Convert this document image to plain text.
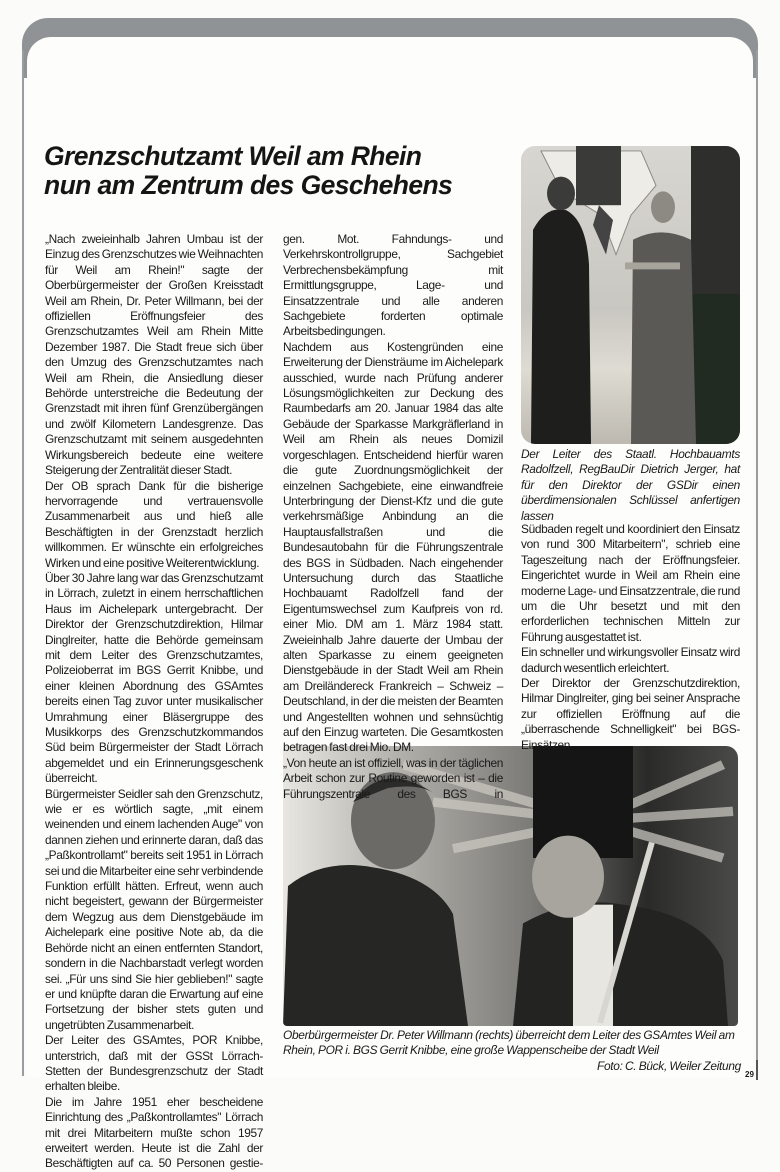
Grenzschutzamt Weil am Rhein
nun am Zentrum des Geschehens

„Nach zweieinhalb Jahren Umbau ist der Einzug des Grenzschutzes wie Weihnachten für Weil am Rhein!" sagte der Oberbürgermeister der Großen Kreisstadt Weil am Rhein, Dr. Peter Willmann, bei der offiziellen Eröffnungsfeier des Grenzschutzamtes Weil am Rhein Mitte Dezember 1987. Die Stadt freue sich über den Umzug des Grenzschutzamtes nach Weil am Rhein, die Ansiedlung dieser Behörde unterstreiche die Bedeutung der Grenzstadt mit ihren fünf Grenzübergängen und zwölf Kilometern Landesgrenze. Das Grenzschutzamt mit seinem ausgedehnten Wirkungsbereich bedeute eine weitere Steigerung der Zentralität dieser Stadt.

Der OB sprach Dank für die bisherige hervorragende und vertrauensvolle Zusammenarbeit aus und hieß alle Beschäftigten in der Grenzstadt herzlich willkommen. Er wünschte ein erfolgreiches Wirken und eine positive Weiterentwicklung.

Über 30 Jahre lang war das Grenzschutzamt in Lörrach, zuletzt in einem herrschaftlichen Haus im Aichelepark untergebracht. Der Direktor der Grenzschutzdirektion, Hilmar Dinglreiter, hatte die Behörde gemeinsam mit dem Leiter des Grenzschutzamtes, Polizeioberrat im BGS Gerrit Knibbe, und einer kleinen Abordnung des GSAmtes bereits einen Tag zuvor unter musikalischer Umrahmung einer Bläsergruppe des Musikkorps des Grenzschutzkommandos Süd beim Bürgermeister der Stadt Lörrach abgemeldet und ein Erinnerungsgeschenk überreicht.

Bürgermeister Seidler sah den Grenzschutz, wie er es wörtlich sagte, „mit einem weinenden und einem lachenden Auge" von dannen ziehen und erinnerte daran, daß das „Paßkontrollamt" bereits seit 1951 in Lörrach sei und die Mitarbeiter eine sehr verbindende Funktion erfüllt hätten. Erfreut, wenn auch nicht begeistert, gewann der Bürgermeister dem Wegzug aus dem Dienstgebäude im Aichelepark eine positive Note ab, da die Behörde nicht an einen entfernten Standort, sondern in die Nachbarstadt verlegt worden sei. „Für uns sind Sie hier geblieben!" sagte er und knüpfte daran die Erwartung auf eine Fortsetzung der bisher stets guten und ungetrübten Zusammenarbeit.

Der Leiter des GSAmtes, POR Knibbe, unterstrich, daß mit der GSSt Lörrach-Stetten der Bundesgrenzschutz der Stadt erhalten bleibe.

Die im Jahre 1951 eher bescheidene Einrichtung des „Paßkontrollamtes" Lörrach mit drei Mitarbeitern mußte schon 1957 erweitert werden. Heute ist die Zahl der Beschäftigten auf ca. 50 Personen gestie-

gen. Mot. Fahndungs- und Verkehrskontrollgruppe, Sachgebiet Verbrechensbekämpfung mit Ermittlungsgruppe, Lage- und Einsatzzentrale und alle anderen Sachgebiete forderten optimale Arbeitsbedingungen.

Nachdem aus Kostengründen eine Erweiterung der Diensträume im Aichelepark ausschied, wurde nach Prüfung anderer Lösungsmöglichkeiten zur Deckung des Raumbedarfs am 20. Januar 1984 das alte Gebäude der Sparkasse Markgräflerland in Weil am Rhein als neues Domizil vorgeschlagen. Entscheidend hierfür waren die gute Zuordnungsmöglichkeit der einzelnen Sachgebiete, eine einwandfreie Unterbringung der Dienst-Kfz und die gute verkehrsmäßige Anbindung an die Hauptausfallstraßen und die Bundesautobahn für die Führungszentrale des BGS in Südbaden. Nach eingehender Untersuchung durch das Staatliche Hochbauamt Radolfzell fand der Eigentumswechsel zum Kaufpreis von rd. einer Mio. DM am 1. März 1984 statt. Zweieinhalb Jahre dauerte der Umbau der alten Sparkasse zu einem geeigneten Dienstgebäude in der Stadt Weil am Rhein am Dreiländereck Frankreich – Schweiz – Deutschland, in der die meisten der Beamten und Angestellten wohnen und sehnsüchtig auf den Einzug warteten. Die Gesamtkosten betragen fast drei Mio. DM.

„Von heute an ist offiziell, was in der täglichen Arbeit schon zur Routine geworden ist – die Führungszentrale des BGS in

Der Leiter des Staatl. Hochbauamts Radolfzell, RegBauDir Dietrich Jerger, hat für den Direktor der GSDir einen überdimensionalen Schlüssel anfertigen lassen

Südbaden regelt und koordiniert den Einsatz von rund 300 Mitarbeitern", schrieb eine Tageszeitung nach der Eröffnungsfeier. Eingerichtet wurde in Weil am Rhein eine moderne Lage- und Einsatzzentrale, die rund um die Uhr besetzt und mit den erforderlichen technischen Mitteln zur Führung ausgestattet ist.

Ein schneller und wirkungsvoller Einsatz wird dadurch wesentlich erleichtert.

Der Direktor der Grenzschutzdirektion, Hilmar Dinglreiter, ging bei seiner Ansprache zur offiziellen Eröffnung auf die „überraschende Schnelligkeit" bei BGS-Einsätzen

Oberbürgermeister Dr. Peter Willmann (rechts) überreicht dem Leiter des GSAmtes Weil am Rhein, POR i. BGS Gerrit Knibbe, eine große Wappenscheibe der Stadt Weil
Foto: C. Bück, Weiler Zeitung
29
